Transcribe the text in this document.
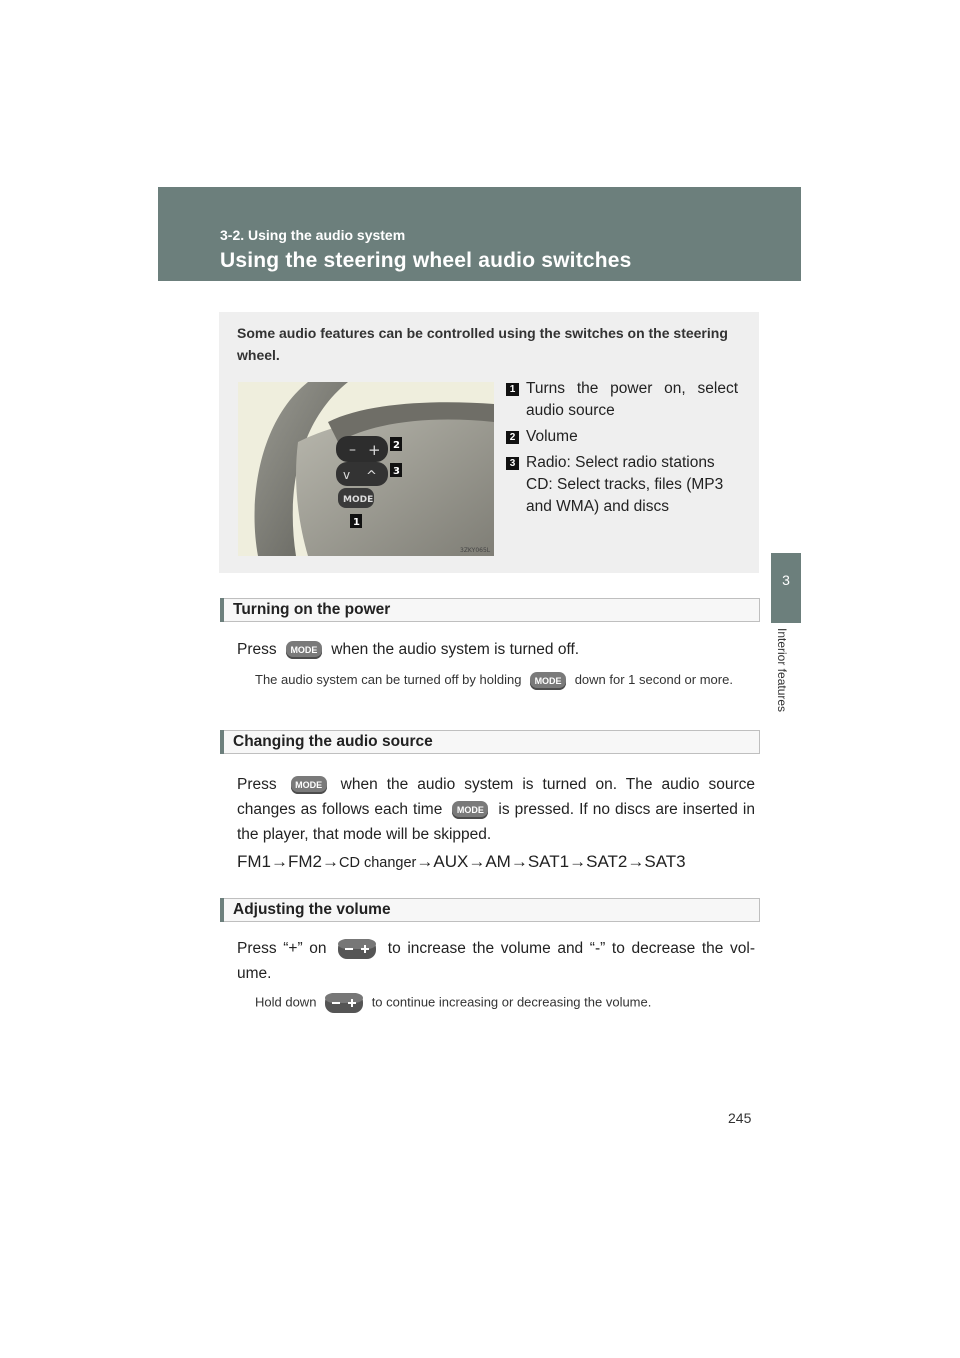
3-2. Using the audio system
Using the steering wheel audio switches
3
Interior features
Some audio features can be controlled using the switches on the steering wheel.
– +
v ^
MODE
2
3
1
3ZKY065L
1 Turns the power on, select audio source
2 Volume
3 Radio: Select radio stations
CD: Select tracks, files (MP3 and WMA) and discs
Turning on the power
Press MODE when the audio system is turned off.
The audio system can be turned off by holding MODE down for 1 second or more.
Changing the audio source
Press MODE when the audio system is turned on. The audio source changes as follows each time MODE is pressed. If no discs are inserted in the player, that mode will be skipped.
FM1→FM2→CD changer→AUX→AM→SAT1→SAT2→SAT3
Adjusting the volume
Press “+” on	to increase the volume and “-” to decrease the vol-ume.
Hold down	to continue increasing or decreasing the volume.
245
